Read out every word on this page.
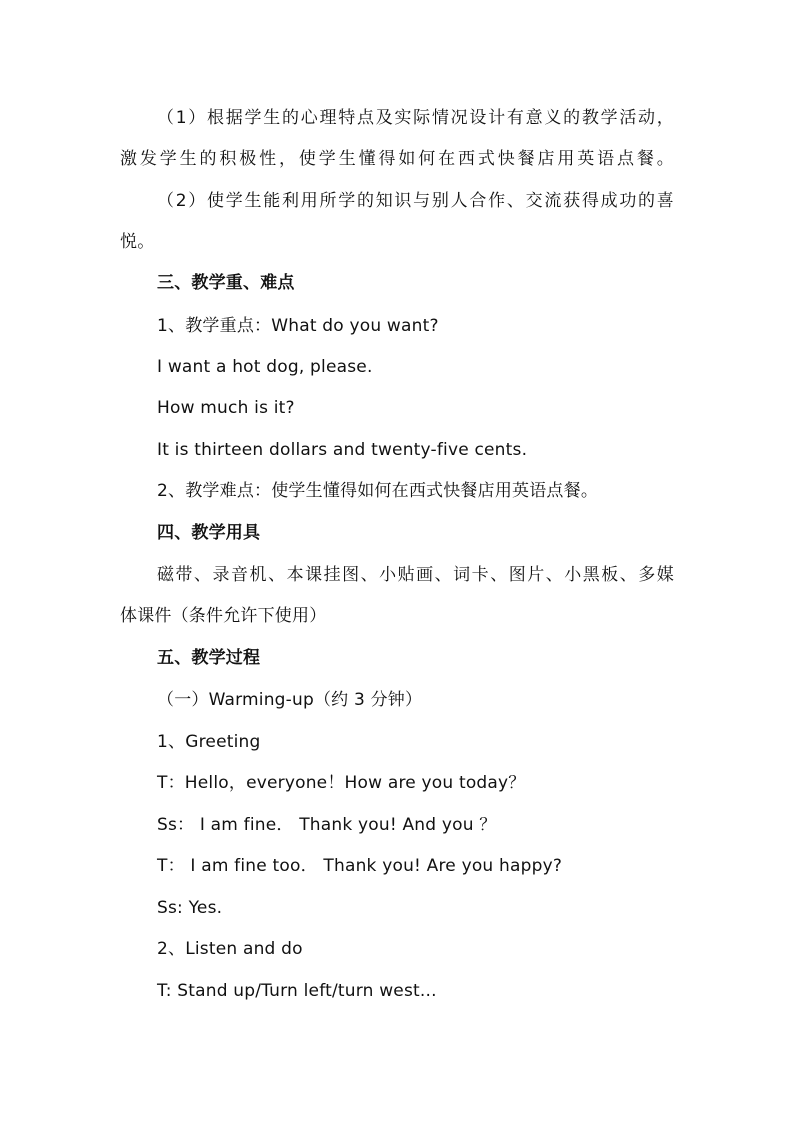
（1）根据学生的心理特点及实际情况设计有意义的教学活动，
激发学生的积极性，使学生懂得如何在西式快餐店用英语点餐。
（2）使学生能利用所学的知识与别人合作、交流获得成功的喜
悦。
三、教学重、难点
1、教学重点：What do you want?
I want a hot dog, please.
How much is it?
It is thirteen dollars and twenty-five cents.
2、教学难点：使学生懂得如何在西式快餐店用英语点餐。
四、教学用具
磁带、录音机、本课挂图、小贴画、词卡、图片、小黑板、多媒
体课件（条件允许下使用）
五、教学过程
（一）Warming-up（约 3 分钟）
1、Greeting
T：Hello，everyone！How are you today？
Ss： I am fine． Thank you! And you ？
T： I am fine too． Thank you! Are you happy?
Ss: Yes.
2、Listen and do
T: Stand up/Turn left/turn west...
